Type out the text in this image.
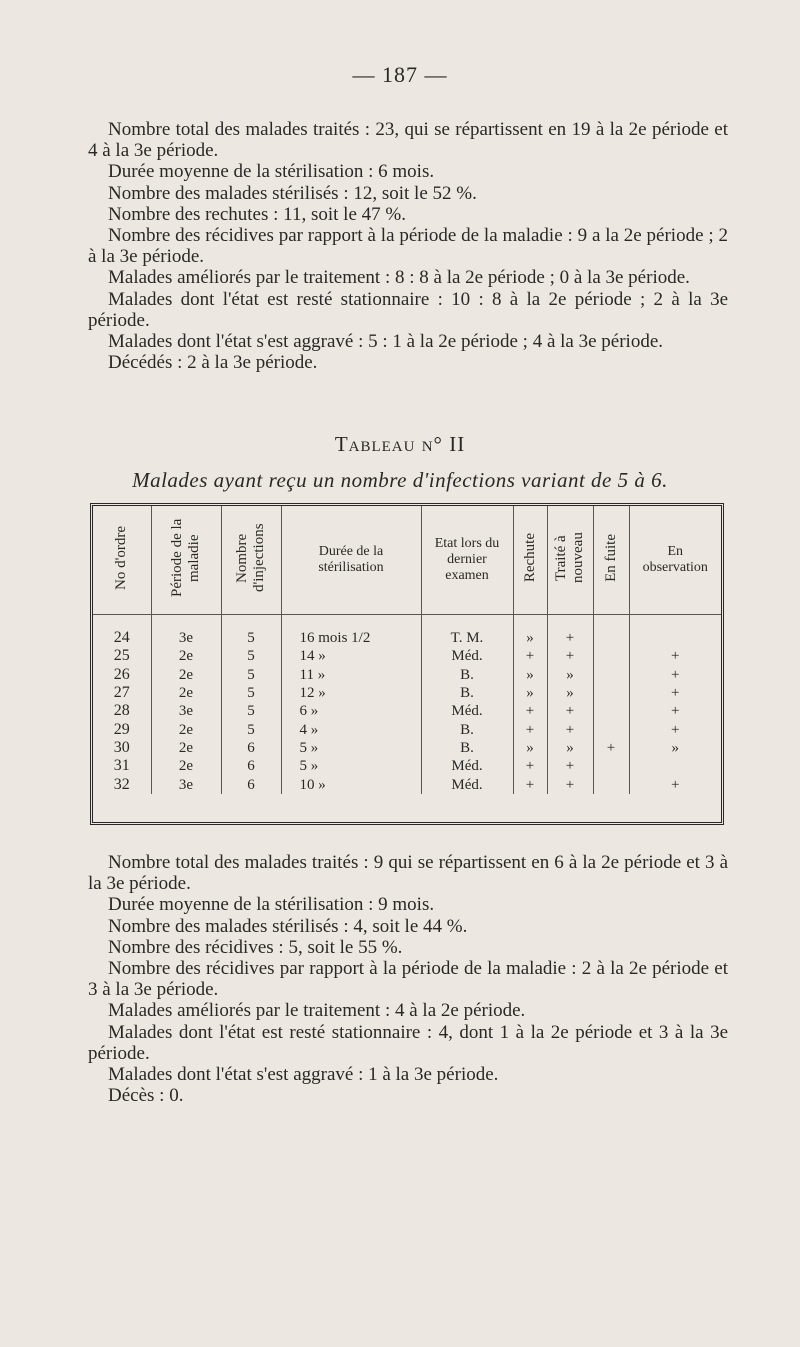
— 187 —

Nombre total des malades traités : 23, qui se répartissent en 19 à la 2e période et 4 à la 3e période.

Durée moyenne de la stérilisation : 6 mois.

Nombre des malades stérilisés : 12, soit le 52 %.

Nombre des rechutes : 11, soit le 47 %.

Nombre des récidives par rapport à la période de la maladie : 9 a la 2e période ; 2 à la 3e période.

Malades améliorés par le traitement : 8 : 8 à la 2e période ; 0 à la 3e période.

Malades dont l'état est resté stationnaire : 10 : 8 à la 2e période ; 2 à la 3e période.

Malades dont l'état s'est aggravé : 5 : 1 à la 2e période ; 4 à la 3e période.

Décédés : 2 à la 3e période.

Tableau n° II
Malades ayant reçu un nombre d'infections variant de 5 à 6.
No d'ordre	Période de la maladie	Nombre d'injections	Durée de la stérilisation	Etat lors du dernier examen	Rechute	Traité à nouveau	En fuite	En observation

24	3e	5	16 mois 1/2	T. M.	»	+		
25	2e	5	14 »	Méd.	+	+		+
26	2e	5	11 »	B.	»	»		+
27	2e	5	12 »	B.	»	»		+
28	3e	5	6 »	Méd.	+	+		+
29	2e	5	4 »	B.	+	+		+
30	2e	6	5 »	B.	»	»	+	»
31	2e	6	5 »	Méd.	+	+		
32	3e	6	10 »	Méd.	+	+		+

Nombre total des malades traités : 9 qui se répartissent en 6 à la 2e période et 3 à la 3e période.

Durée moyenne de la stérilisation : 9 mois.

Nombre des malades stérilisés : 4, soit le 44 %.

Nombre des récidives : 5, soit le 55 %.

Nombre des récidives par rapport à la période de la maladie : 2 à la 2e période et 3 à la 3e période.

Malades améliorés par le traitement : 4 à la 2e période.

Malades dont l'état est resté stationnaire : 4, dont 1 à la 2e période et 3 à la 3e période.

Malades dont l'état s'est aggravé : 1 à la 3e période.

Décès : 0.
